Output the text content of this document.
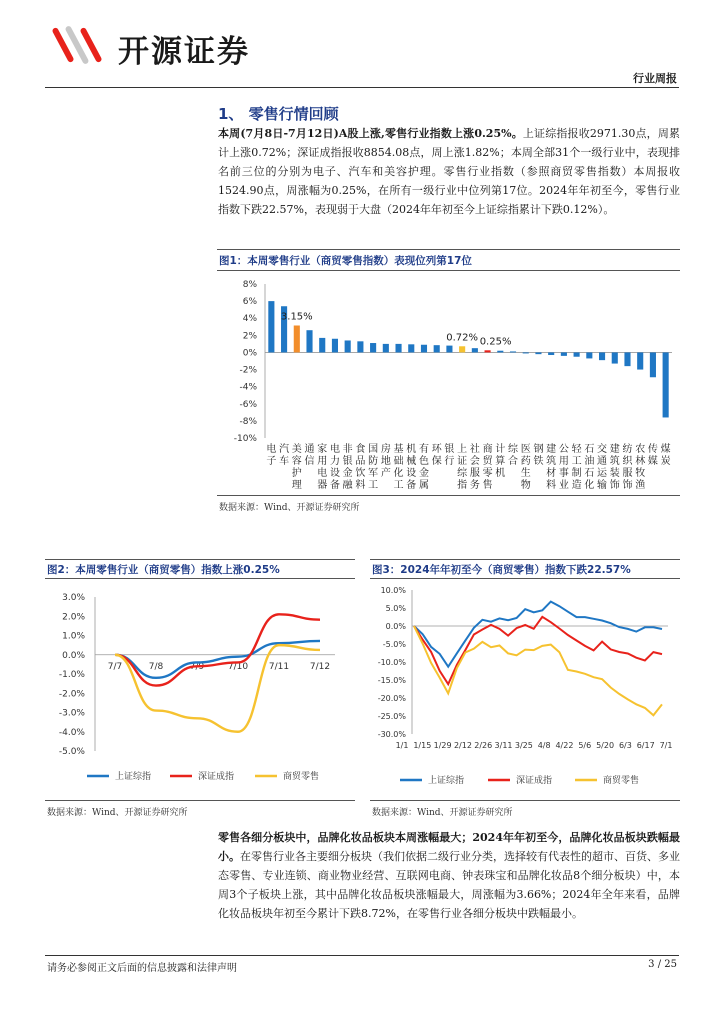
开源证券
行业周报
1、 零售行情回顾
本周(7月8日-7月12日)A股上涨,零售行业指数上涨0.25%。上证综指报收2971.30点，周累计上涨0.72%；深证成指报收8854.08点，周上涨1.82%；本周全部31个一级行业中，表现排名前三位的分别为电子、汽车和美容护理。零售行业指数（参照商贸零售指数）本周报收1524.90点，周涨幅为0.25%，在所有一级行业中位列第17位。2024年年初至今，零售行业指数下跌22.57%，表现弱于大盘（2024年年初至今上证综指累计下跌0.12%）。
图1：本周零售行业（商贸零售指数）表现位列第17位
8%
6%
4%
2%
0%
-2%
-4%
-6%
-8%
-10%
电
子
汽
车
美
容
护
理
通
信
家
用
电
器
电
力
设
备
非
银
金
融
食
品
饮
料
国
防
军
工
房
地
产
基
础
化
工
机
械
设
备
有
色
金
属
环
保
银
行
上
证
综
指
社
会
服
务
商
贸
零
售
计
算
机
综
合
医
药
生
物
钢
铁
建
筑
材
料
公
用
事
业
轻
工
制
造
石
油
石
化
交
通
运
输
建
筑
装
饰
纺
织
服
饰
农
林
牧
渔
传
媒
煤
炭
3.15%
0.72% 0.25%
数据来源：Wind、开源证券研究所
图2：本周零售行业（商贸零售）指数上涨0.25%
3.0%
2.0%
1.0%
0.0%
-1.0%
-2.0%
-3.0%
-4.0%
-5.0%
7/7	7/8	7/9	7/10 7/11 7/12
上证综指	深证成指	商贸零售
数据来源：Wind、开源证券研究所
图3：2024年年初至今（商贸零售）指数下跌22.57%
10.0%
5.0%
0.0%
-5.0%
-10.0%
-15.0%
-20.0%
-25.0%
-30.0%
1/1 1/15 1/29 2/12 2/26 3/11 3/25 4/8 4/22 5/6 5/20 6/3 6/17 7/1
上证综指	深证成指	商贸零售
数据来源：Wind、开源证券研究所
零售各细分板块中，品牌化妆品板块本周涨幅最大；2024年年初至今，品牌化妆品板块跌幅最小。在零售行业各主要细分板块（我们依据二级行业分类，选择较有代表性的超市、百货、多业态零售、专业连锁、商业物业经营、互联网电商、钟表珠宝和品牌化妆品8个细分板块）中，本周3个子板块上涨，其中品牌化妆品板块涨幅最大，周涨幅为3.66%；2024年全年来看，品牌化妆品板块年初至今累计下跌8.72%，在零售行业各细分板块中跌幅最小。
请务必参阅正文后面的信息披露和法律声明	3 / 25
